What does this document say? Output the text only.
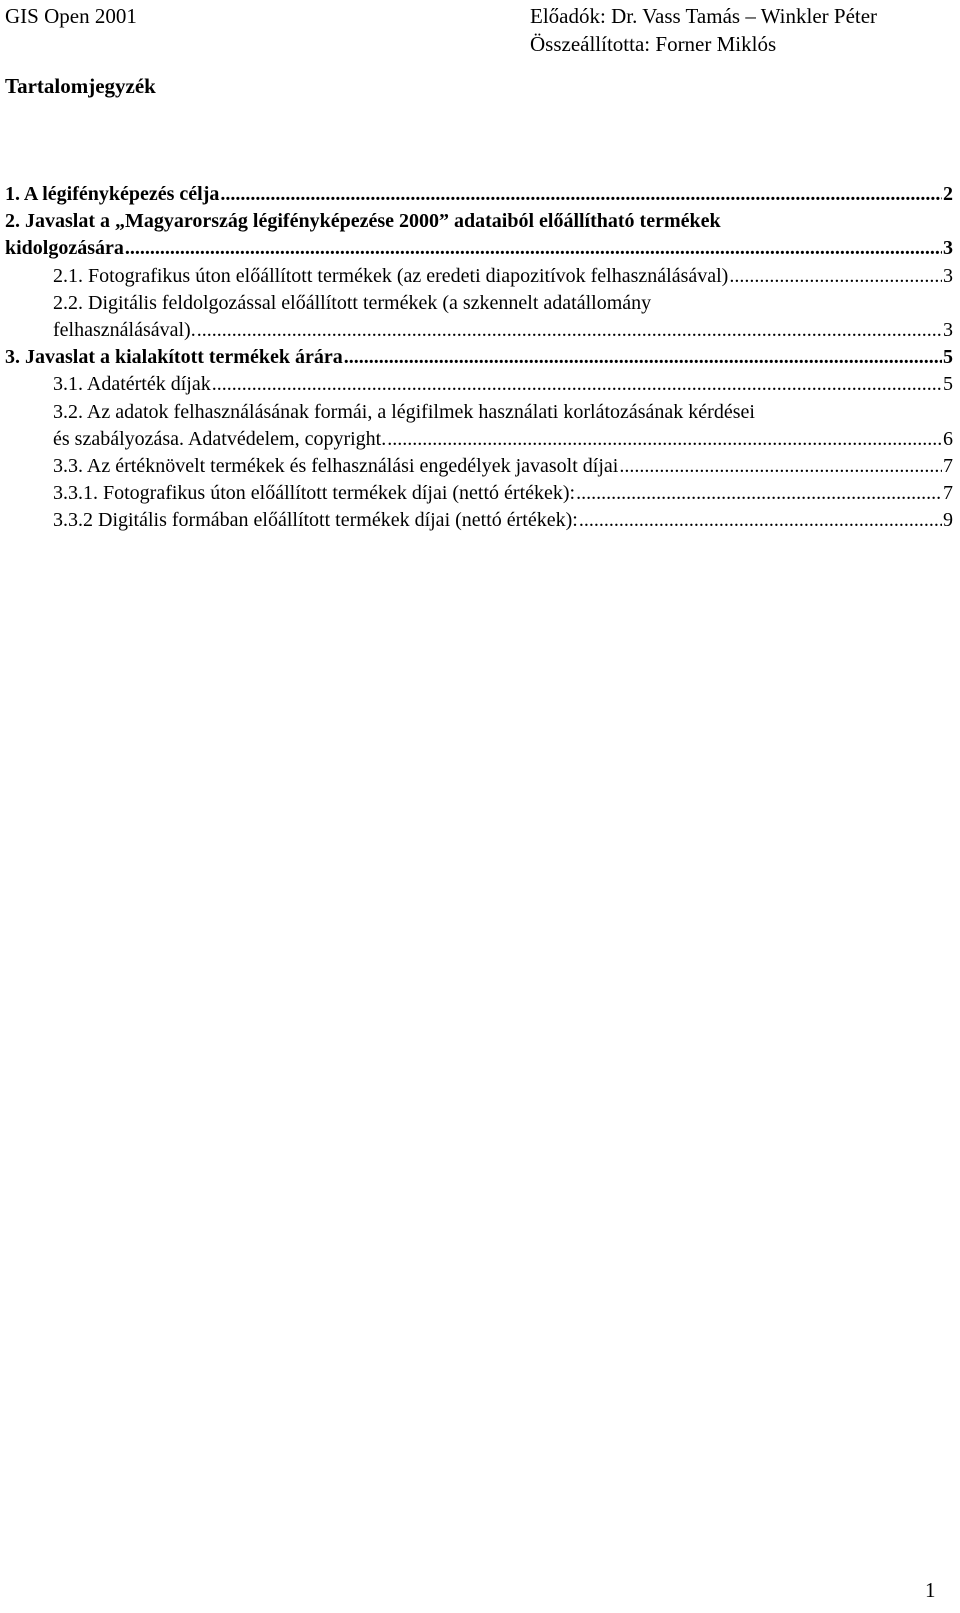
GIS Open 2001	Előadók: Dr. Vass Tamás – Winkler Péter
Összeállította: Forner Miklós
Tartalomjegyzék
1. A légifényképezés célja .....	2
2. Javaslat a „Magyarország légifényképezése 2000” adataiból előállítható termékek
kidolgozására .....	3
2.1. Fotografikus úton előállított termékek (az eredeti diapozitívok felhasználásával) .....	3
2.2. Digitális feldolgozással előállított termékek (a szkennelt adatállomány
felhasználásával). .....	3
3. Javaslat a kialakított termékek árára .....	5
3.1. Adatérték díjak .....	5
3.2. Az adatok felhasználásának formái, a légifilmek használati korlátozásának kérdései
és szabályozása. Adatvédelem, copyright. .....	6
3.3. Az értéknövelt termékek és felhasználási engedélyek javasolt díjai .....	7
3.3.1. Fotografikus úton előállított termékek díjai (nettó értékek): .....	7
3.3.2 Digitális formában előállított termékek díjai (nettó értékek): .....	9
1
